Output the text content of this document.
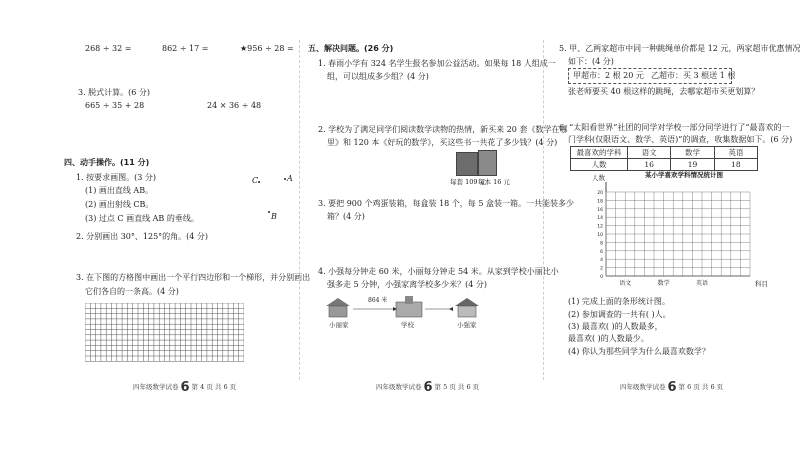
268 ÷ 32 =	862 ÷ 17 =	★956 ÷ 28 =
3. 脱式计算。(6 分)
665 ÷ 35 + 28	24 × 36 ÷ 48
四、动手操作。(11 分)
1. 按要求画图。(3 分)
(1) 画出直线 AB。
(2) 画出射线 CB。
(3) 过点 C 画直线 AB 的垂线。
C	A
B
2. 分别画出 30°、125°的角。(4 分)
3. 在下图的方格图中画出一个平行四边形和一个梯形，并分别画出
它们各自的一条高。(4 分)
四年级数学试卷 6 第 4 页 共 6 页
五、解决问题。(26 分)
1. 春雨小学有 324 名学生报名参加公益活动。如果每 18 人组成一
组，可以组成多少组？(4 分)
2. 学校为了满足同学们阅读数学读物的热情，新买来 20 套《数学在哪
里》和 120 本《好玩的数学》，买这些书一共花了多少钱？(4 分)
每套 109 元
每本 16 元
3. 要把 900 个鸡蛋装箱，每盒装 18 个，每 5 盒装一箱。一共能装多少
箱？(4 分)
4. 小强每分钟走 60 米，小丽每分钟走 54 米。从家到学校小丽比小
强多走 5 分钟，小强家离学校多少米？(4 分)
864 米
小丽家	学校	小强家
四年级数学试卷 6 第 5 页 共 6 页
5. 甲、乙两家超市中同一种跳绳单价都是 12 元，两家超市优惠情况
如下：(4 分)
甲超市：2 根 20 元 乙超市：买 3 根送 1 根
张老师要买 40 根这样的跳绳，去哪家超市买更划算？
6. “太阳看世界”社团的同学对学校一部分同学进行了“最喜欢的一
门学科(仅限语文、数学、英语)”的调查，收集数据如下。(6 分)
最喜欢的学科	语文	数学	英语
人数	16	19	18
某小学喜欢学科情况统计图
人数
科目
20
18
16
14
12
10
8
6
4
2
0
语文	数学	英语
(1) 完成上面的条形统计图。
(2) 参加调查的一共有( )人。
(3) 最喜欢( )的人数最多，
最喜欢( )的人数最少。
(4) 你认为那些同学为什么最喜欢数学？
四年级数学试卷 6 第 6 页 共 6 页
